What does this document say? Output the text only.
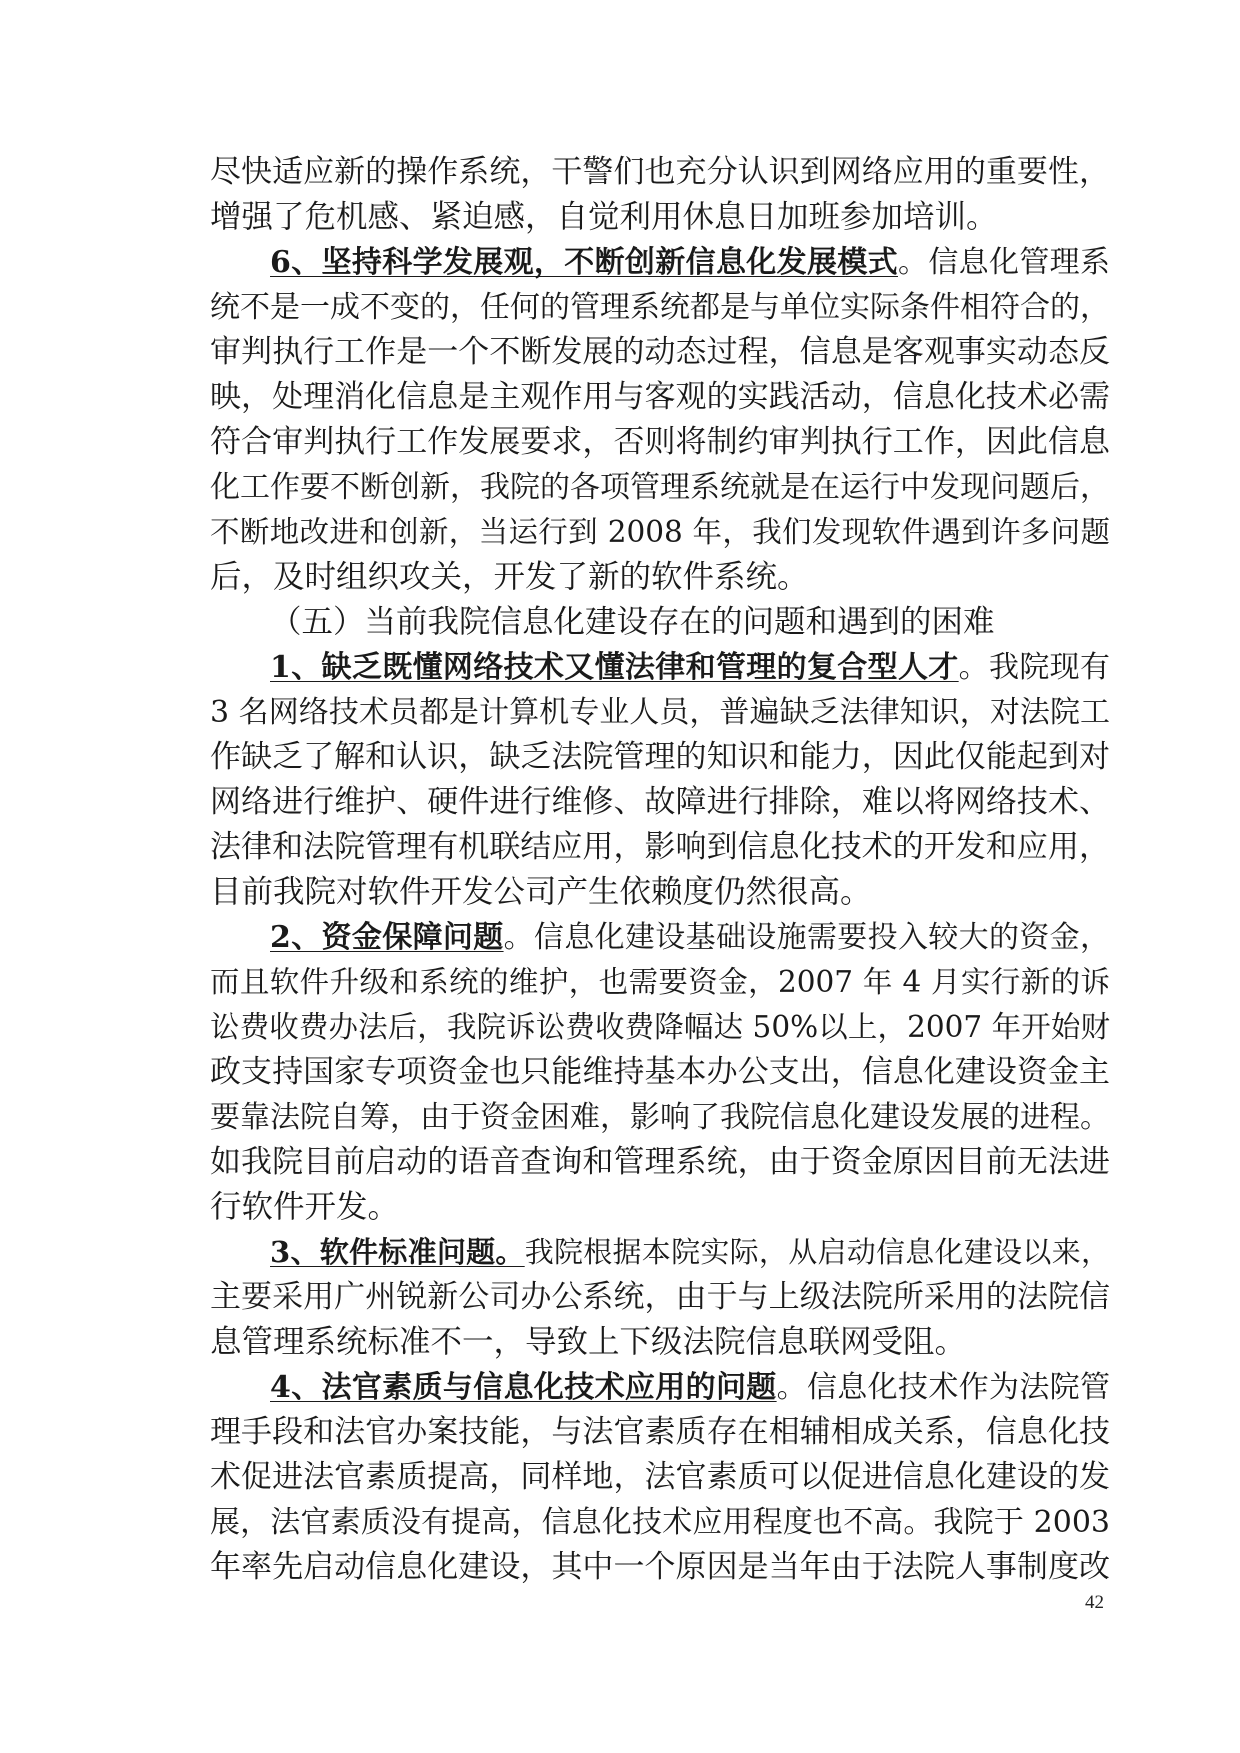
尽快适应新的操作系统，干警们也充分认识到网络应用的重要性，
增强了危机感、紧迫感，自觉利用休息日加班参加培训。
6、坚持科学发展观，不断创新信息化发展模式。信息化管理系
统不是一成不变的，任何的管理系统都是与单位实际条件相符合的，
审判执行工作是一个不断发展的动态过程，信息是客观事实动态反
映，处理消化信息是主观作用与客观的实践活动，信息化技术必需
符合审判执行工作发展要求，否则将制约审判执行工作，因此信息
化工作要不断创新，我院的各项管理系统就是在运行中发现问题后，
不断地改进和创新，当运行到 2008 年，我们发现软件遇到许多问题
后，及时组织攻关，开发了新的软件系统。
（五）当前我院信息化建设存在的问题和遇到的困难
1、缺乏既懂网络技术又懂法律和管理的复合型人才。我院现有
3 名网络技术员都是计算机专业人员，普遍缺乏法律知识，对法院工
作缺乏了解和认识，缺乏法院管理的知识和能力，因此仅能起到对
网络进行维护、硬件进行维修、故障进行排除，难以将网络技术、
法律和法院管理有机联结应用，影响到信息化技术的开发和应用，
目前我院对软件开发公司产生依赖度仍然很高。
2、资金保障问题。信息化建设基础设施需要投入较大的资金，
而且软件升级和系统的维护，也需要资金，2007 年 4 月实行新的诉
讼费收费办法后，我院诉讼费收费降幅达 50%以上，2007 年开始财
政支持国家专项资金也只能维持基本办公支出，信息化建设资金主
要靠法院自筹，由于资金困难，影响了我院信息化建设发展的进程。
如我院目前启动的语音查询和管理系统，由于资金原因目前无法进
行软件开发。
3、软件标准问题。我院根据本院实际，从启动信息化建设以来，
主要采用广州锐新公司办公系统，由于与上级法院所采用的法院信
息管理系统标准不一，导致上下级法院信息联网受阻。
4、法官素质与信息化技术应用的问题。信息化技术作为法院管
理手段和法官办案技能，与法官素质存在相辅相成关系，信息化技
术促进法官素质提高，同样地，法官素质可以促进信息化建设的发
展，法官素质没有提高，信息化技术应用程度也不高。我院于 2003
年率先启动信息化建设，其中一个原因是当年由于法院人事制度改
42
